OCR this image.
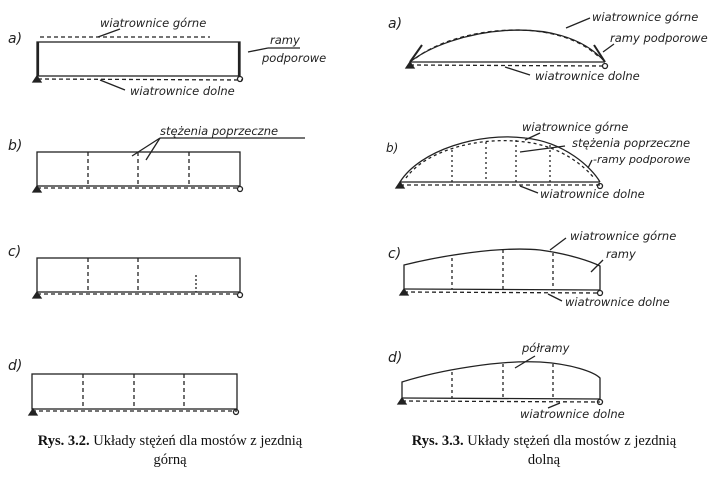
a)
wiatrownice górne
ramy
podporowe
wiatrownice dolne
b)
stężenia poprzeczne
c)
d)
a)	wiatrownice górne
ramy podporowe
wiatrownice dolne
b)
wiatrownice górne
stężenia poprzeczne
-ramy podporowe
wiatrownice dolne
c)
wiatrownice górne
ramy
wiatrownice dolne
d)
półramy
wiatrownice dolne
Rys. 3.2. Układy stężeń dla mostów z jezdnią
górną
Rys. 3.3. Układy stężeń dla mostów z jezdnią
dolną
